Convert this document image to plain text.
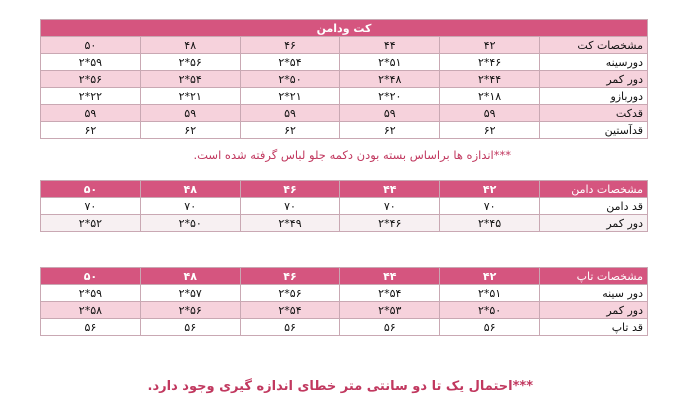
کت ودامن					
مشخصات کت	۴۲	۴۴	۴۶	۴۸	۵۰
دورسینه	۴۶*۲	۵۱*۲	۵۴*۲	۵۶*۲	۵۹*۲
دور کمر	۴۴*۲	۴۸*۲	۵۰*۲	۵۴*۲	۵۶*۲
دوربازو	۱۸*۲	۲۰*۲	۲۱*۲	۲۱*۲	۲۲*۲
قدکت	۵۹	۵۹	۵۹	۵۹	۵۹
قدآستین	۶۲	۶۲	۶۲	۶۲	۶۲
***اندازه ها براساس بسته بودن دکمه جلو لباس گرفته شده است.
مشخصات دامن	۴۲	۴۴	۴۶	۴۸	۵۰
قد دامن	۷۰	۷۰	۷۰	۷۰	۷۰
دور کمر	۴۵*۲	۴۶*۲	۴۹*۲	۵۰*۲	۵۲*۲
مشخصات تاپ	۴۲	۴۴	۴۶	۴۸	۵۰
دور سینه	۵۱*۲	۵۴*۲	۵۶*۲	۵۷*۲	۵۹*۲
دور کمر	۵۰*۲	۵۳*۲	۵۴*۲	۵۶*۲	۵۸*۲
قد تاپ	۵۶	۵۶	۵۶	۵۶	۵۶
***احتمال یک تا دو سانتی متر خطای اندازه گیری وجود دارد.
